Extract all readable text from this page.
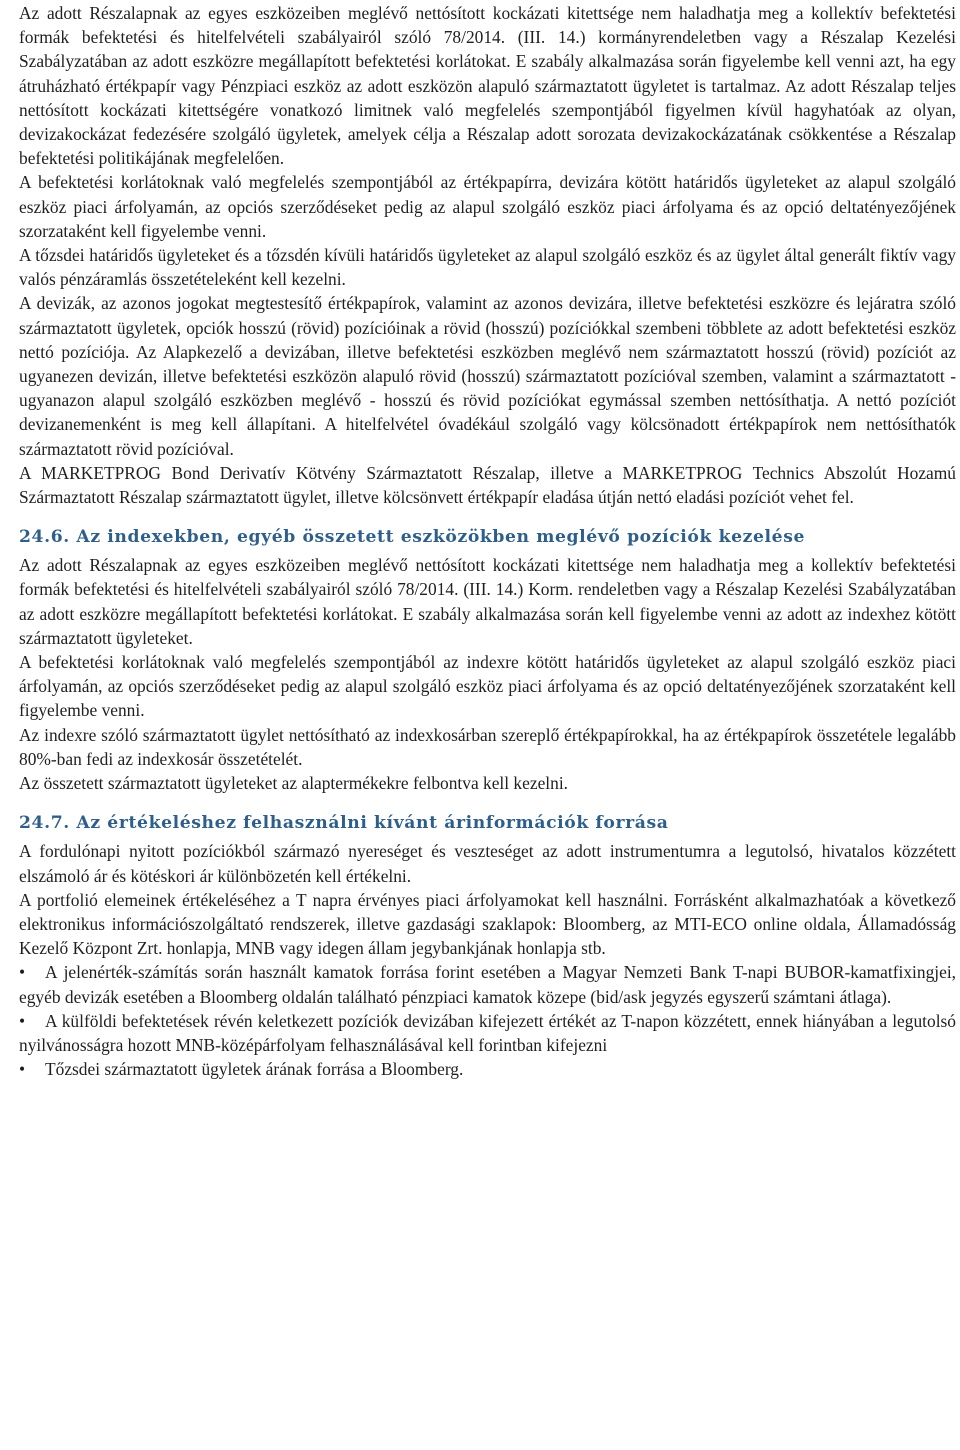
Az adott Részalapnak az egyes eszközeiben meglévő nettósított kockázati kitettsége nem haladhatja meg a kollektív befektetési formák befektetési és hitelfelvételi szabályairól szóló 78/2014. (III. 14.) kormányrendeletben vagy a Részalap Kezelési Szabályzatában az adott eszközre megállapított befektetési korlátokat. E szabály alkalmazása során figyelembe kell venni azt, ha egy átruházható értékpapír vagy Pénzpiaci eszköz az adott eszközön alapuló származtatott ügyletet is tartalmaz. Az adott Részalap teljes nettósított kockázati kitettségére vonatkozó limitnek való megfelelés szempontjából figyelmen kívül hagyhatóak az olyan, devizakockázat fedezésére szolgáló ügyletek, amelyek célja a Részalap adott sorozata devizakockázatának csökkentése a Részalap befektetési politikájának megfelelően.

A befektetési korlátoknak való megfelelés szempontjából az értékpapírra, devizára kötött határidős ügyleteket az alapul szolgáló eszköz piaci árfolyamán, az opciós szerződéseket pedig az alapul szolgáló eszköz piaci árfolyama és az opció deltatényezőjének szorzataként kell figyelembe venni.

A tőzsdei határidős ügyleteket és a tőzsdén kívüli határidős ügyleteket az alapul szolgáló eszköz és az ügylet által generált fiktív vagy valós pénzáramlás összetételeként kell kezelni.

A devizák, az azonos jogokat megtestesítő értékpapírok, valamint az azonos devizára, illetve befektetési eszközre és lejáratra szóló származtatott ügyletek, opciók hosszú (rövid) pozícióinak a rövid (hosszú) pozíciókkal szembeni többlete az adott befektetési eszköz nettó pozíciója. Az Alapkezelő a devizában, illetve befektetési eszközben meglévő nem származtatott hosszú (rövid) pozíciót az ugyanezen devizán, illetve befektetési eszközön alapuló rövid (hosszú) származtatott pozícióval szemben, valamint a származtatott - ugyanazon alapul szolgáló eszközben meglévő - hosszú és rövid pozíciókat egymással szemben nettósíthatja. A nettó pozíciót devizanemenként is meg kell állapítani. A hitelfelvétel óvadékául szolgáló vagy kölcsönadott értékpapírok nem nettósíthatók származtatott rövid pozícióval.

A MARKETPROG Bond Derivatív Kötvény Származtatott Részalap, illetve a MARKETPROG Technics Abszolút Hozamú Származtatott Részalap származtatott ügylet, illetve kölcsönvett értékpapír eladása útján nettó eladási pozíciót vehet fel.

24.6. Az indexekben, egyéb összetett eszközökben meglévő pozíciók kezelése

Az adott Részalapnak az egyes eszközeiben meglévő nettósított kockázati kitettsége nem haladhatja meg a kollektív befektetési formák befektetési és hitelfelvételi szabályairól szóló 78/2014. (III. 14.) Korm. rendeletben vagy a Részalap Kezelési Szabályzatában az adott eszközre megállapított befektetési korlátokat. E szabály alkalmazása során kell figyelembe venni az adott az indexhez kötött származtatott ügyleteket.

A befektetési korlátoknak való megfelelés szempontjából az indexre kötött határidős ügyleteket az alapul szolgáló eszköz piaci árfolyamán, az opciós szerződéseket pedig az alapul szolgáló eszköz piaci árfolyama és az opció deltatényezőjének szorzataként kell figyelembe venni.

Az indexre szóló származtatott ügylet nettósítható az indexkosárban szereplő értékpapírokkal, ha az értékpapírok összetétele legalább 80%-ban fedi az indexkosár összetételét.

Az összetett származtatott ügyleteket az alaptermékekre felbontva kell kezelni.

24.7. Az értékeléshez felhasználni kívánt árinformációk forrása

A fordulónapi nyitott pozíciókból származó nyereséget és veszteséget az adott instrumentumra a legutolsó, hivatalos közzétett elszámoló ár és kötéskori ár különbözetén kell értékelni.

A portfolió elemeinek értékeléséhez a T napra érvényes piaci árfolyamokat kell használni. Forrásként alkalmazhatóak a következő elektronikus információszolgáltató rendszerek, illetve gazdasági szaklapok: Bloomberg, az MTI-ECO online oldala, Államadósság Kezelő Központ Zrt. honlapja, MNB vagy idegen állam jegybankjának honlapja stb.

• A jelenérték-számítás során használt kamatok forrása forint esetében a Magyar Nemzeti Bank T-napi BUBOR-kamatfixingjei, egyéb devizák esetében a Bloomberg oldalán található pénzpiaci kamatok közepe (bid/ask jegyzés egyszerű számtani átlaga).

• A külföldi befektetések révén keletkezett pozíciók devizában kifejezett értékét az T-napon közzétett, ennek hiányában a legutolsó nyilvánosságra hozott MNB-középárfolyam felhasználásával kell forintban kifejezni

• Tőzsdei származtatott ügyletek árának forrása a Bloomberg.
